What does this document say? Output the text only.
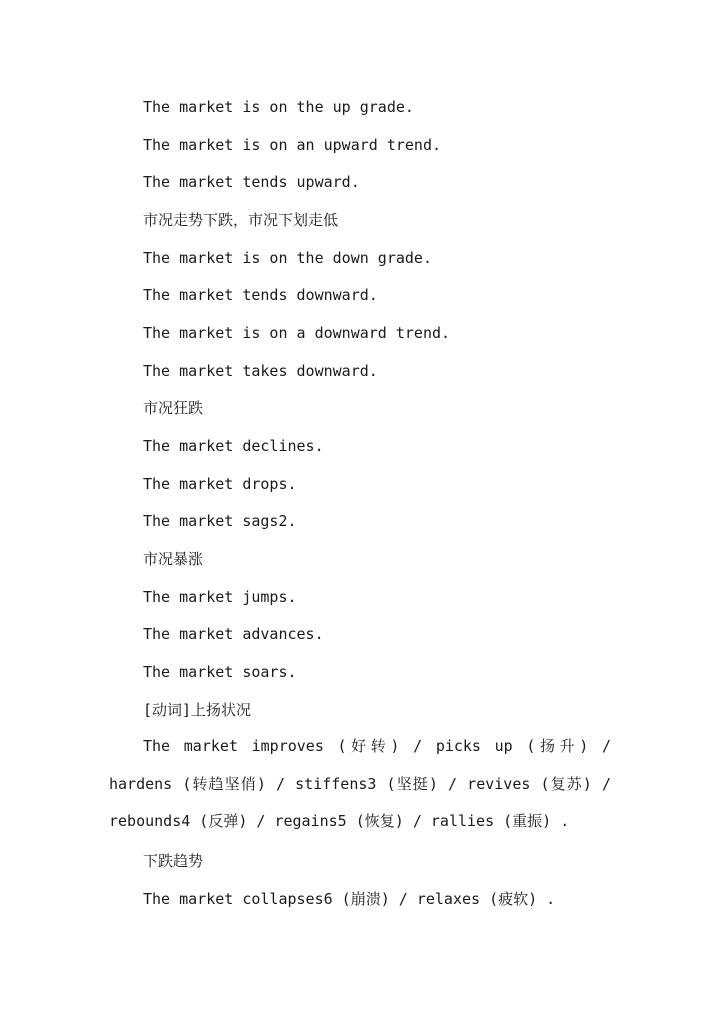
The market is on the up grade.
The market is on an upward trend.
The market tends upward.
市况走势下跌，市况下划走低
The market is on the down grade.
The market tends downward.
The market is on a downward trend.
The market takes downward.
市况狂跌
The market declines.
The market drops.
The market sags2.
市况暴涨
The market jumps.
The market advances.
The market soars.
[动词]上扬状况
The market improves (好转) / picks up (扬升) / hardens (转趋坚俏) / stiffens3 (坚挺) / revives (复苏) / rebounds4 (反弹) / regains5 (恢复) / rallies (重振) .
下跌趋势
The market collapses6 (崩溃) / relaxes (疲软) .
